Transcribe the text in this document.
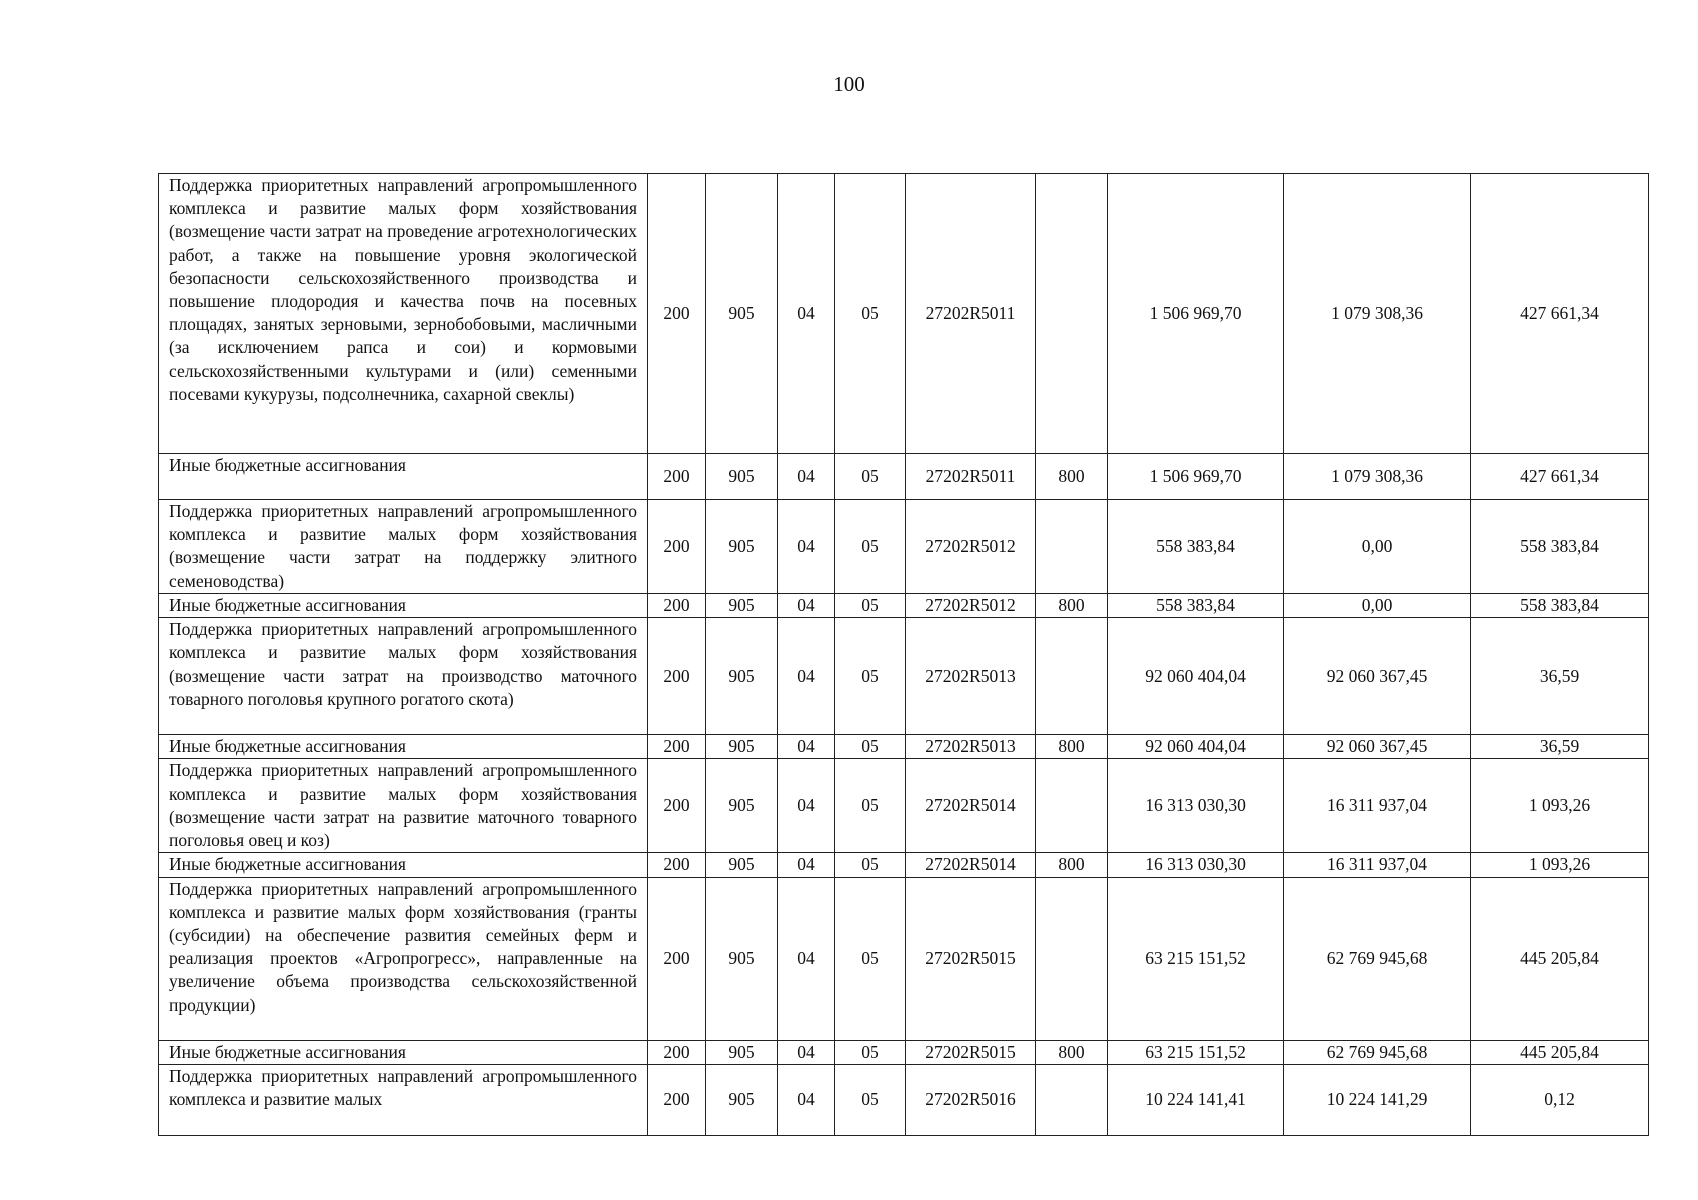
100
Поддержка приоритетных направлений агропромышленного комплекса и развитие малых форм хозяйствования (возмещение части затрат на проведение агротехнологических работ, а также на повышение уровня экологической безопасности сельскохозяйственного производства и повышение плодородия и качества почв на посевных площадях, занятых зерновыми, зернобобовыми, масличными (за исключением рапса и сои) и кормовыми сельскохозяйственными культурами и (или) семенными посевами кукурузы, подсолнечника, сахарной свеклы)	200	905	04	05	27202R5011		1 506 969,70	1 079 308,36	427 661,34
Иные бюджетные ассигнования	200	905	04	05	27202R5011	800	1 506 969,70	1 079 308,36	427 661,34
Поддержка приоритетных направлений агропромышленного комплекса и развитие малых форм хозяйствования (возмещение части затрат на поддержку элитного семеноводства)	200	905	04	05	27202R5012		558 383,84	0,00	558 383,84
Иные бюджетные ассигнования	200	905	04	05	27202R5012	800	558 383,84	0,00	558 383,84
Поддержка приоритетных направлений агропромышленного комплекса и развитие малых форм хозяйствования (возмещение части затрат на производство маточного товарного поголовья крупного рогатого скота)	200	905	04	05	27202R5013		92 060 404,04	92 060 367,45	36,59
Иные бюджетные ассигнования	200	905	04	05	27202R5013	800	92 060 404,04	92 060 367,45	36,59
Поддержка приоритетных направлений агропромышленного комплекса и развитие малых форм хозяйствования (возмещение части затрат на развитие маточного товарного поголовья овец и коз)	200	905	04	05	27202R5014		16 313 030,30	16 311 937,04	1 093,26
Иные бюджетные ассигнования	200	905	04	05	27202R5014	800	16 313 030,30	16 311 937,04	1 093,26
Поддержка приоритетных направлений агропромышленного комплекса и развитие малых форм хозяйствования (гранты (субсидии) на обеспечение развития семейных ферм и реализация проектов «Агропрогресс», направленные на увеличение объема производства сельскохозяйственной продукции)	200	905	04	05	27202R5015		63 215 151,52	62 769 945,68	445 205,84
Иные бюджетные ассигнования	200	905	04	05	27202R5015	800	63 215 151,52	62 769 945,68	445 205,84
Поддержка приоритетных направлений агропромышленного комплекса и развитие малых	200	905	04	05	27202R5016		10 224 141,41	10 224 141,29	0,12
